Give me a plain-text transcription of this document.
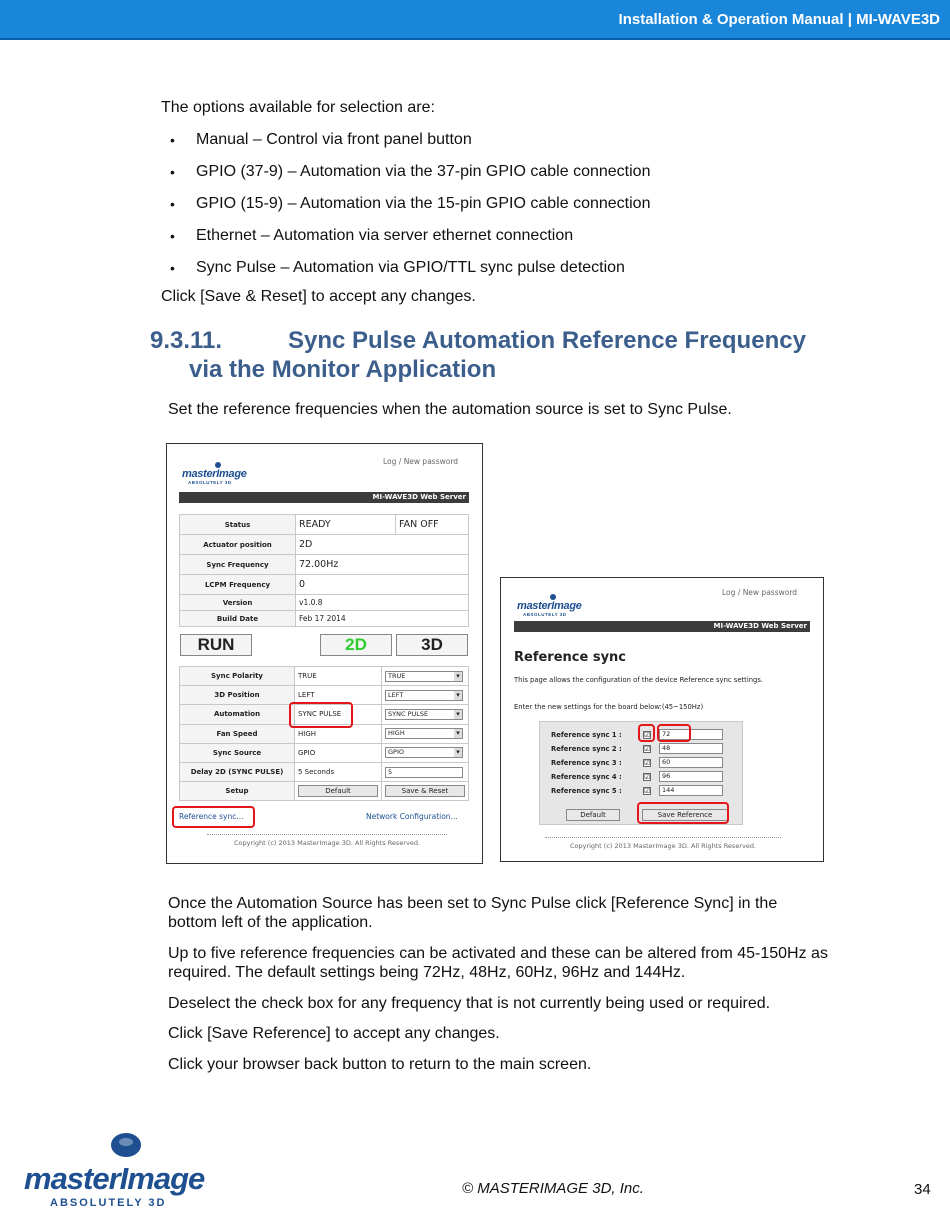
Installation & Operation Manual | MI-WAVE3D
The options available for selection are:
• Manual – Control via front panel button
• GPIO (37-9) – Automation via the 37-pin GPIO cable connection
• GPIO (15-9) – Automation via the 15-pin GPIO cable connection
• Ethernet – Automation via server ethernet connection
• Sync Pulse – Automation via GPIO/TTL sync pulse detection
Click [Save & Reset] to accept any changes.
9.3.11.	Sync Pulse Automation Reference Frequency
via the Monitor Application
Set the reference frequencies when the automation source is set to Sync Pulse.
masterImage
ABSOLUTELY 3D
Log / New password
MI-WAVE3D Web Server
Status	READY	FAN OFF
Actuator position	2D	
Sync Frequency	72.00Hz	
LCPM Frequency	0	
Version	v1.0.8	
Build Date	Feb 17 2014	
RUN	2D	3D
Sync Polarity	TRUE	TRUE ▾
3D Position	LEFT	LEFT ▾
Automation	SYNC PULSE	SYNC PULSE ▾
Fan Speed	HIGH	HIGH ▾
Sync Source	GPIO	GPIO ▾
Delay 2D (SYNC PULSE)	5 Seconds	5
Setup	Default	Save & Reset
Reference sync...	Network Configuration...
Copyright (c) 2013 MasterImage 3D. All Rights Reserved.
masterImage
ABSOLUTELY 3D
Log / New password
MI-WAVE3D Web Server
Reference sync
This page allows the configuration of the device Reference sync settings.
Enter the new settings for the board below:(45~150Hz)
Reference sync 1 :	☑	72
Reference sync 2 :	☑	48
Reference sync 3 :	☑	60
Reference sync 4 :	☑	96
Reference sync 5 :	☑	144
Default	Save Reference
Copyright (c) 2013 MasterImage 3D. All Rights Reserved.
Once the Automation Source has been set to Sync Pulse click [Reference Sync] in the bottom left of the application.
Up to five reference frequencies can be activated and these can be altered from 45-150Hz as required. The default settings being 72Hz, 48Hz, 60Hz, 96Hz and 144Hz.
Deselect the check box for any frequency that is not currently being used or required.
Click [Save Reference] to accept any changes.
Click your browser back button to return to the main screen.
masterImage
ABSOLUTELY 3D
© MASTERIMAGE 3D, Inc.	34
